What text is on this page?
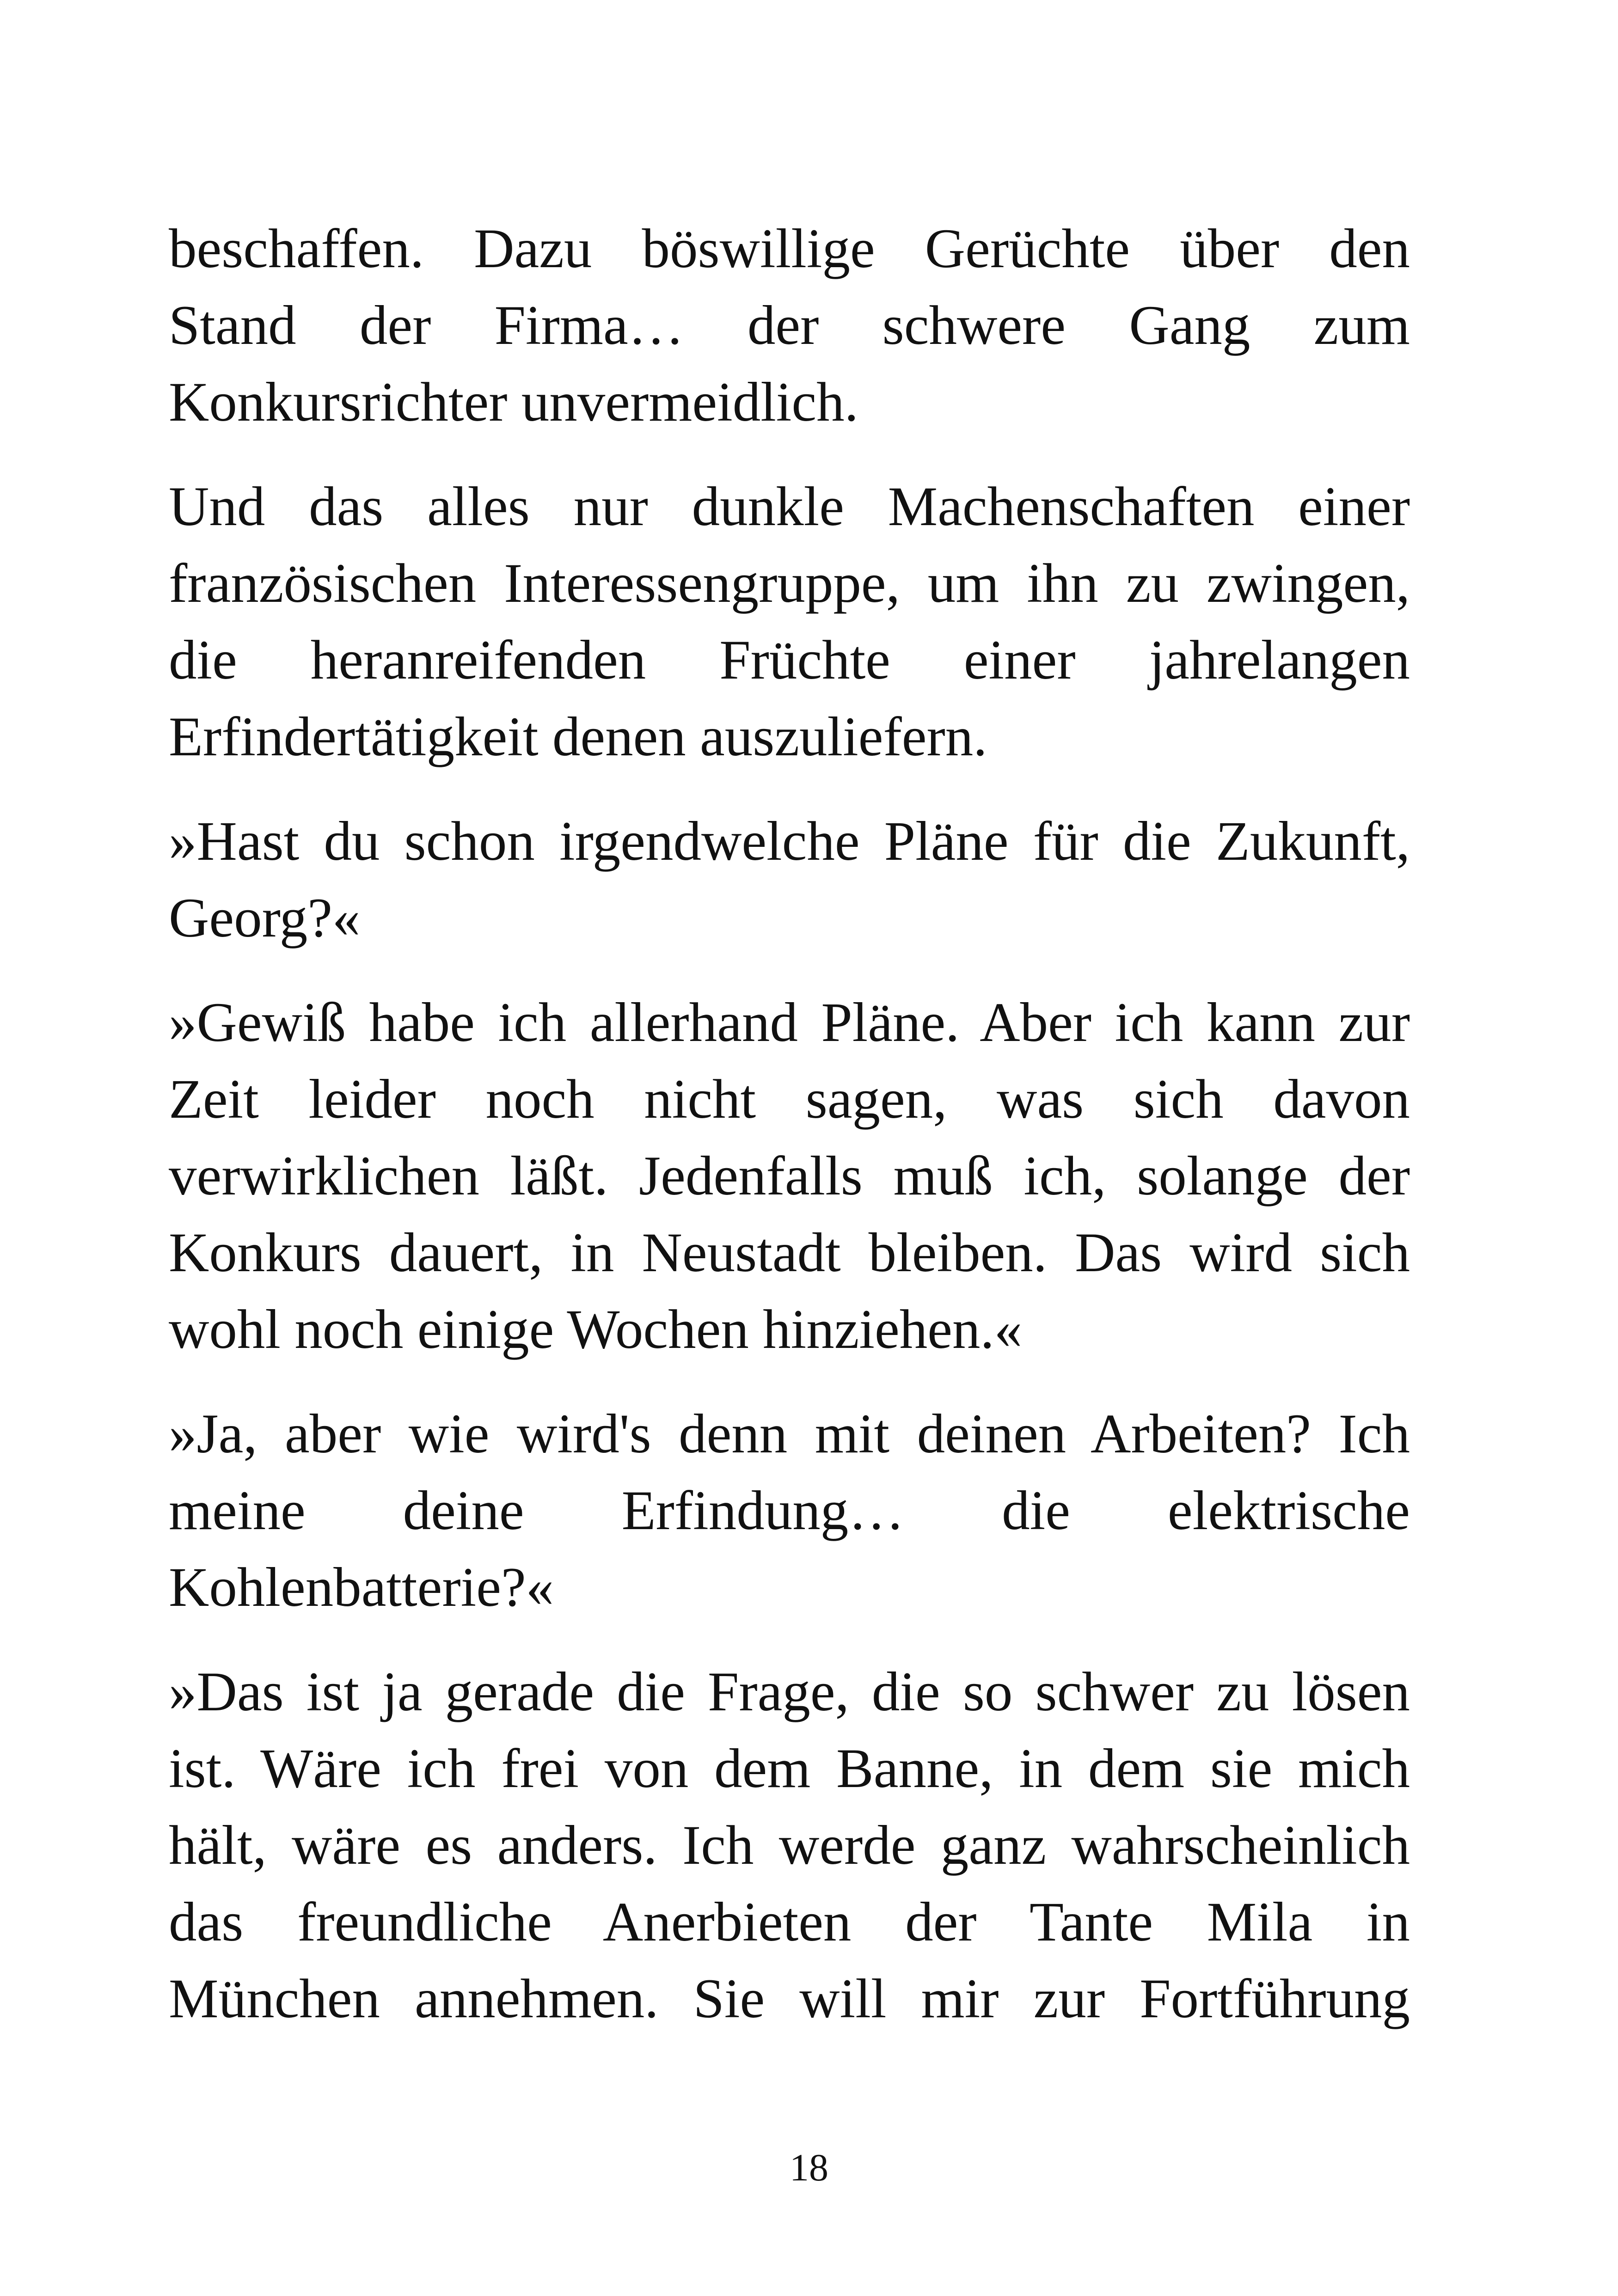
beschaffen. Dazu böswillige Gerüchte über den
Stand der Firma… der schwere Gang zum
Konkursrichter unvermeidlich.

Und das alles nur dunkle Machenschaften einer
französischen Interessengruppe, um ihn zu zwingen,
die heranreifenden Früchte einer jahrelangen
Erfindertätigkeit denen auszuliefern.

»Hast du schon irgendwelche Pläne für die Zukunft,
Georg?«

»Gewiß habe ich allerhand Pläne. Aber ich kann zur
Zeit leider noch nicht sagen, was sich davon
verwirklichen läßt. Jedenfalls muß ich, solange der
Konkurs dauert, in Neustadt bleiben. Das wird sich
wohl noch einige Wochen hinziehen.«

»Ja, aber wie wird's denn mit deinen Arbeiten? Ich
meine deine Erfindung… die elektrische
Kohlenbatterie?«

»Das ist ja gerade die Frage, die so schwer zu lösen
ist. Wäre ich frei von dem Banne, in dem sie mich
hält, wäre es anders. Ich werde ganz wahrscheinlich
das freundliche Anerbieten der Tante Mila in
München annehmen. Sie will mir zur Fortführung

18
